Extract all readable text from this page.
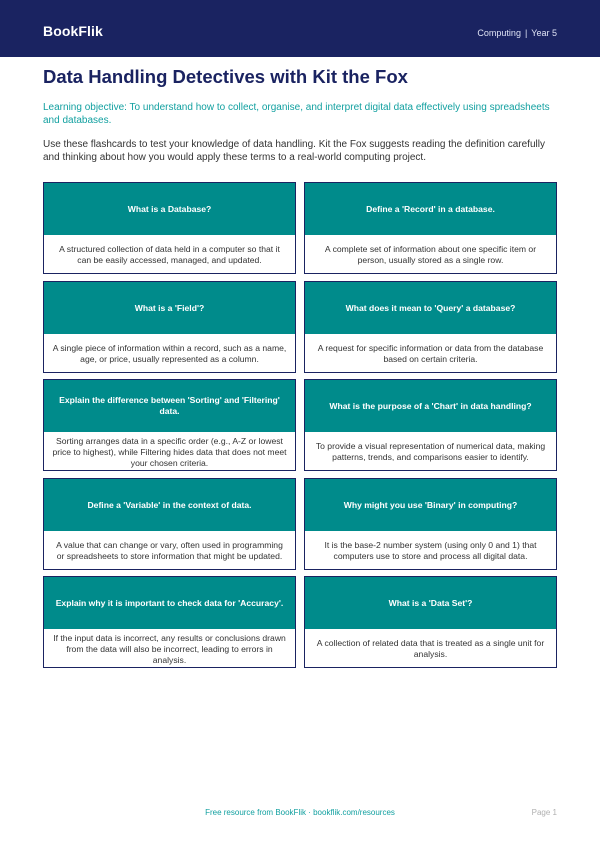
BookFlik	Computing | Year 5
Data Handling Detectives with Kit the Fox
Learning objective: To understand how to collect, organise, and interpret digital data effectively using spreadsheets and databases.
Use these flashcards to test your knowledge of data handling. Kit the Fox suggests reading the definition carefully and thinking about how you would apply these terms to a real-world computing project.
What is a Database?
A structured collection of data held in a computer so that it can be easily accessed, managed, and updated.
Define a 'Record' in a database.
A complete set of information about one specific item or person, usually stored as a single row.
What is a 'Field'?
A single piece of information within a record, such as a name, age, or price, usually represented as a column.
What does it mean to 'Query' a database?
A request for specific information or data from the database based on certain criteria.
Explain the difference between 'Sorting' and 'Filtering' data.
Sorting arranges data in a specific order (e.g., A-Z or lowest price to highest), while Filtering hides data that does not meet your chosen criteria.
What is the purpose of a 'Chart' in data handling?
To provide a visual representation of numerical data, making patterns, trends, and comparisons easier to identify.
Define a 'Variable' in the context of data.
A value that can change or vary, often used in programming or spreadsheets to store information that might be updated.
Why might you use 'Binary' in computing?
It is the base-2 number system (using only 0 and 1) that computers use to store and process all digital data.
Explain why it is important to check data for 'Accuracy'.
If the input data is incorrect, any results or conclusions drawn from the data will also be incorrect, leading to errors in analysis.
What is a 'Data Set'?
A collection of related data that is treated as a single unit for analysis.
Free resource from BookFlik · bookflik.com/resources	Page 1
